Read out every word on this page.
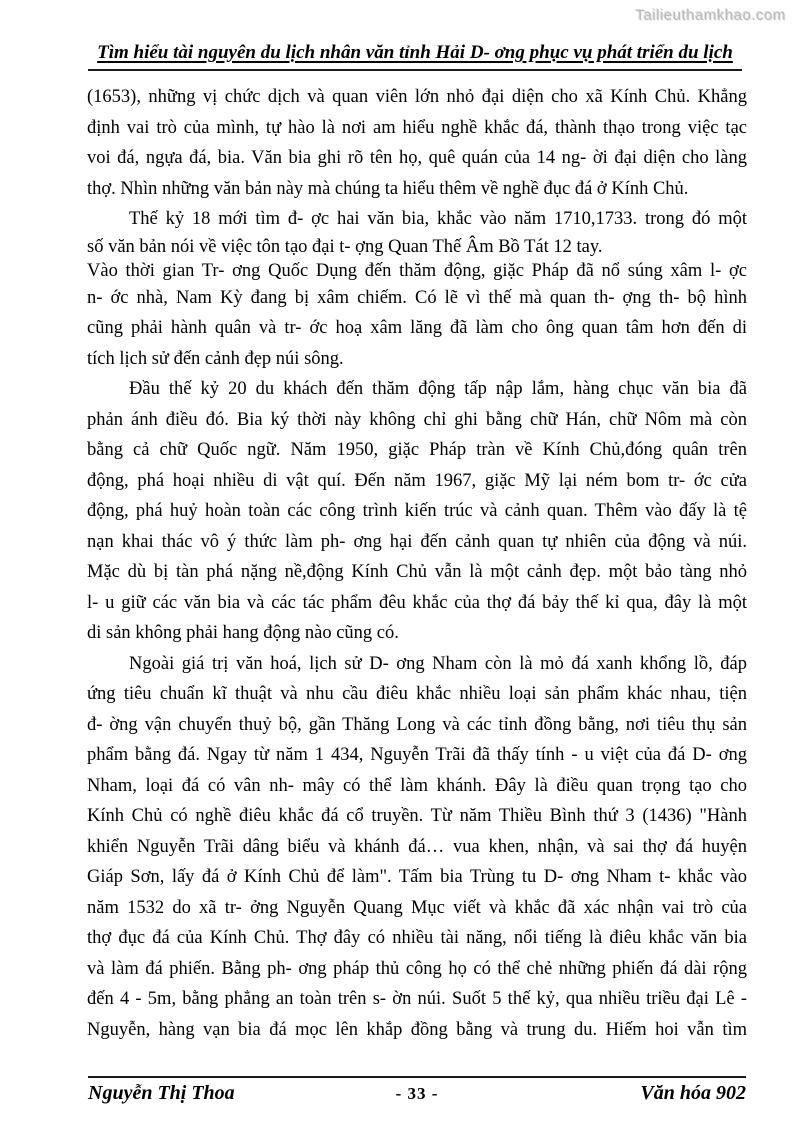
Tailieuthamkhao.com
Tìm hiểu tài nguyên du lịch nhân văn tỉnh Hải D- ơng phục vụ phát triển du lịch
(1653), những vị chức dịch và quan viên lớn nhỏ đại diện cho xã Kính Chủ. Khẳng
định vai trò của mình, tự hào là nơi am hiểu nghề khắc đá, thành thạo trong việc tạc
voi đá, ngựa đá, bia. Văn bia ghi rõ tên họ, quê quán của 14 ng- ời đại diện cho làng
thợ. Nhìn những văn bản này mà chúng ta hiểu thêm về nghề đục đá ở Kính Chủ.
Thế kỷ 18 mới tìm đ- ợc hai văn bia, khắc vào năm 1710,1733. trong đó một
số văn bản nói về việc tôn tạo đại t- ợng Quan Thế Âm Bồ Tát 12 tay.
Vào thời gian Tr- ơng Quốc Dụng đến thăm động, giặc Pháp đã nổ súng xâm l- ợc
n- ớc nhà, Nam Kỳ đang bị xâm chiếm. Có lẽ vì thế mà quan th- ợng th- bộ hình
cũng phải hành quân và tr- ớc hoạ xâm lăng đã làm cho ông quan tâm hơn đến di
tích lịch sử đến cảnh đẹp núi sông.
Đầu thế kỷ 20 du khách đến thăm động tấp nập lắm, hàng chục văn bia đã
phản ánh điều đó. Bia ký thời này không chỉ ghi bằng chữ Hán, chữ Nôm mà còn
bằng cả chữ Quốc ngữ. Năm 1950, giặc Pháp tràn về Kính Chủ,đóng quân trên
động, phá hoại nhiều di vật quí. Đến năm 1967, giặc Mỹ lại ném bom tr- ớc cửa
động, phá huỷ hoàn toàn các công trình kiến trúc và cảnh quan. Thêm vào đấy là tệ
nạn khai thác vô ý thức làm ph- ơng hại đến cảnh quan tự nhiên của động và núi.
Mặc dù bị tàn phá nặng nề,động Kính Chủ vẫn là một cảnh đẹp. một bảo tàng nhỏ
l- u giữ các văn bia và các tác phẩm đêu khắc của thợ đá bảy thế kỉ qua, đây là một
di sản không phải hang động nào cũng có.
Ngoài giá trị văn hoá, lịch sử D- ơng Nham còn là mỏ đá xanh khổng lồ, đáp
ứng tiêu chuẩn kĩ thuật và nhu cầu điêu khắc nhiều loại sản phẩm khác nhau, tiện
đ- ờng vận chuyển thuỷ bộ, gần Thăng Long và các tỉnh đồng bằng, nơi tiêu thụ sản
phẩm bằng đá. Ngay từ năm 1 434, Nguyễn Trãi đã thấy tính - u việt của đá D- ơng
Nham, loại đá có vân nh- mây có thể làm khánh. Đây là điều quan trọng tạo cho
Kính Chủ có nghề điêu khắc đá cổ truyền. Từ năm Thiều Bình thứ 3 (1436) "Hành
khiển Nguyễn Trãi dâng biểu và khánh đá… vua khen, nhận, và sai thợ đá huyện
Giáp Sơn, lấy đá ở Kính Chủ để làm". Tấm bia Trùng tu D- ơng Nham t- khắc vào
năm 1532 do xã tr- ởng Nguyễn Quang Mục viết và khắc đã xác nhận vai trò của
thợ đục đá của Kính Chủ. Thợ đây có nhiều tài năng, nổi tiếng là điêu khắc văn bia
và làm đá phiến. Bằng ph- ơng pháp thủ công họ có thể chẻ những phiến đá dài rộng
đến 4 - 5m, bằng phẳng an toàn trên s- ờn núi. Suốt 5 thế kỷ, qua nhiều triều đại Lê -
Nguyễn, hàng vạn bia đá mọc lên khắp đồng bằng và trung du. Hiếm hoi vẫn tìm
Nguyễn Thị Thoa	- 33 -	Văn hóa 902
